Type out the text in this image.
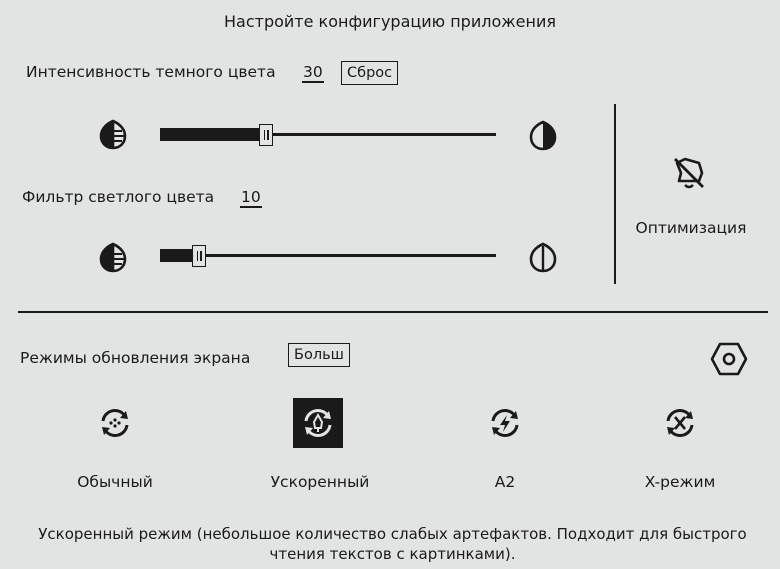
Настройте конфигурацию приложения
Интенсивность темного цвета 30	Сброс
Фильтр светлого цвета 10
Оптимизация
Режимы обновления экрана	Больш
Обычный	Ускоренный	A2	X-режим
Ускоренный режим (небольшое количество слабых артефактов. Подходит для быстрого чтения текстов с картинками).
